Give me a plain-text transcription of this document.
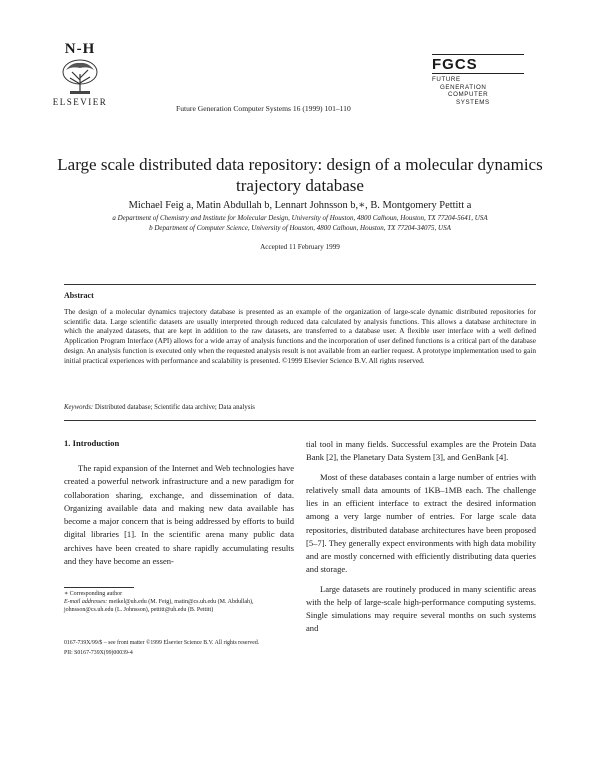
N-H
ELSEVIER
Future Generation Computer Systems 16 (1999) 101–110
FGCS
FUTURE
GENERATION
COMPUTER
SYSTEMS
Large scale distributed data repository: design of a molecular dynamics trajectory database
Michael Feig a, Matin Abdullah b, Lennart Johnsson b,∗, B. Montgomery Pettitt a
a Department of Chemistry and Institute for Molecular Design, University of Houston, 4800 Calhoun, Houston, TX 77204-5641, USA
b Department of Computer Science, University of Houston, 4800 Calhoun, Houston, TX 77204-34075, USA
Accepted 11 February 1999
Abstract
The design of a molecular dynamics trajectory database is presented as an example of the organization of large-scale dynamic distributed repositories for scientific data. Large scientific datasets are usually interpreted through reduced data calculated by analysis functions. This allows a database architecture in which the analyzed datasets, that are kept in addition to the raw datasets, are transferred to a database user. A flexible user interface with a well defined Application Program Interface (API) allows for a wide array of analysis functions and the incorporation of user defined functions is a critical part of the database design. An analysis function is executed only when the requested analysis result is not available from an earlier request. A prototype implementation used to gain initial practical experiences with performance and scalability is presented. ©1999 Elsevier Science B.V. All rights reserved.
Keywords: Distributed database; Scientific data archive; Data analysis
1. Introduction

The rapid expansion of the Internet and Web technologies have created a powerful network infrastructure and a new paradigm for collaboration sharing, exchange, and dissemination of data. Organizing available data and making new data available has become a major concern that is being addressed by efforts to build digital libraries [1]. In the scientific arena many public data archives have been created to share rapidly accumulating results and they have become an essen-

tial tool in many fields. Successful examples are the Protein Data Bank [2], the Planetary Data System [3], and GenBank [4].

Most of these databases contain a large number of entries with relatively small data amounts of 1KB–1MB each. The challenge lies in an efficient interface to extract the desired information among a very large number of entries. For large scale data repositories, distributed database architectures have been proposed [5–7]. They generally expect environments with high data mobility and are mostly concerned with efficiently distributing data queries and storage.

Large datasets are routinely produced in many scientific areas with the help of large-scale high-performance computing systems. Single simulations may require several months on such systems and

∗ Corresponding author
E-mail addresses: meikel@uh.edu (M. Feig), matin@cs.uh.edu (M. Abdullah), johnsson@cs.uh.edu (L. Johnsson), pettitt@uh.edu (B. Pettitt)
0167-739X/99/$ – see front matter ©1999 Elsevier Science B.V. All rights reserved.
PII: S0167-739X(99)00039-4
